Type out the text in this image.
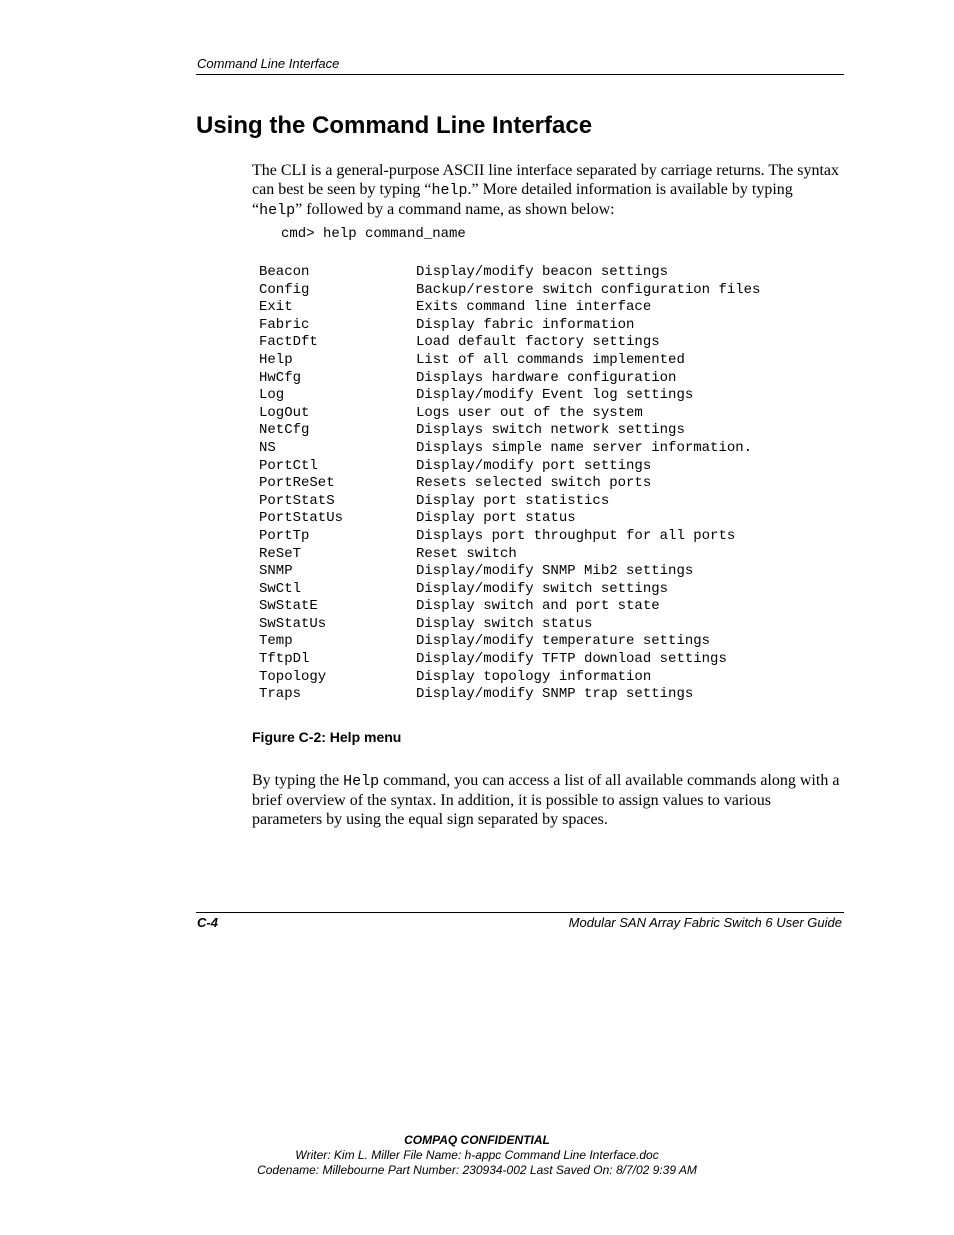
Command Line Interface
Using the Command Line Interface

The CLI is a general-purpose ASCII line interface separated by carriage returns. The syntax can best be seen by typing “help.” More detailed information is available by typing “help” followed by a command name, as shown below:

cmd> help command_name
Beacon	Display/modify beacon settings
Config	Backup/restore switch configuration files
Exit	Exits command line interface
Fabric	Display fabric information
FactDft	Load default factory settings
Help	List of all commands implemented
HwCfg	Displays hardware configuration
Log	Display/modify Event log settings
LogOut	Logs user out of the system
NetCfg	Displays switch network settings
NS	Displays simple name server information.
PortCtl	Display/modify port settings
PortReSet	Resets selected switch ports
PortStatS	Display port statistics
PortStatUs	Display port status
PortTp	Displays port throughput for all ports
ReSeT	Reset switch
SNMP	Display/modify SNMP Mib2 settings
SwCtl	Display/modify switch settings
SwStatE	Display switch and port state
SwStatUs	Display switch status
Temp	Display/modify temperature settings
TftpDl	Display/modify TFTP download settings
Topology	Display topology information
Traps	Display/modify SNMP trap settings
Figure C-2: Help menu

By typing the Help command, you can access a list of all available commands along with a brief overview of the syntax. In addition, it is possible to assign values to various parameters by using the equal sign separated by spaces.

C-4	Modular SAN Array Fabric Switch 6 User Guide
COMPAQ CONFIDENTIAL
Writer: Kim L. Miller File Name: h-appc Command Line Interface.doc
Codename: Millebourne Part Number: 230934-002 Last Saved On: 8/7/02 9:39 AM
